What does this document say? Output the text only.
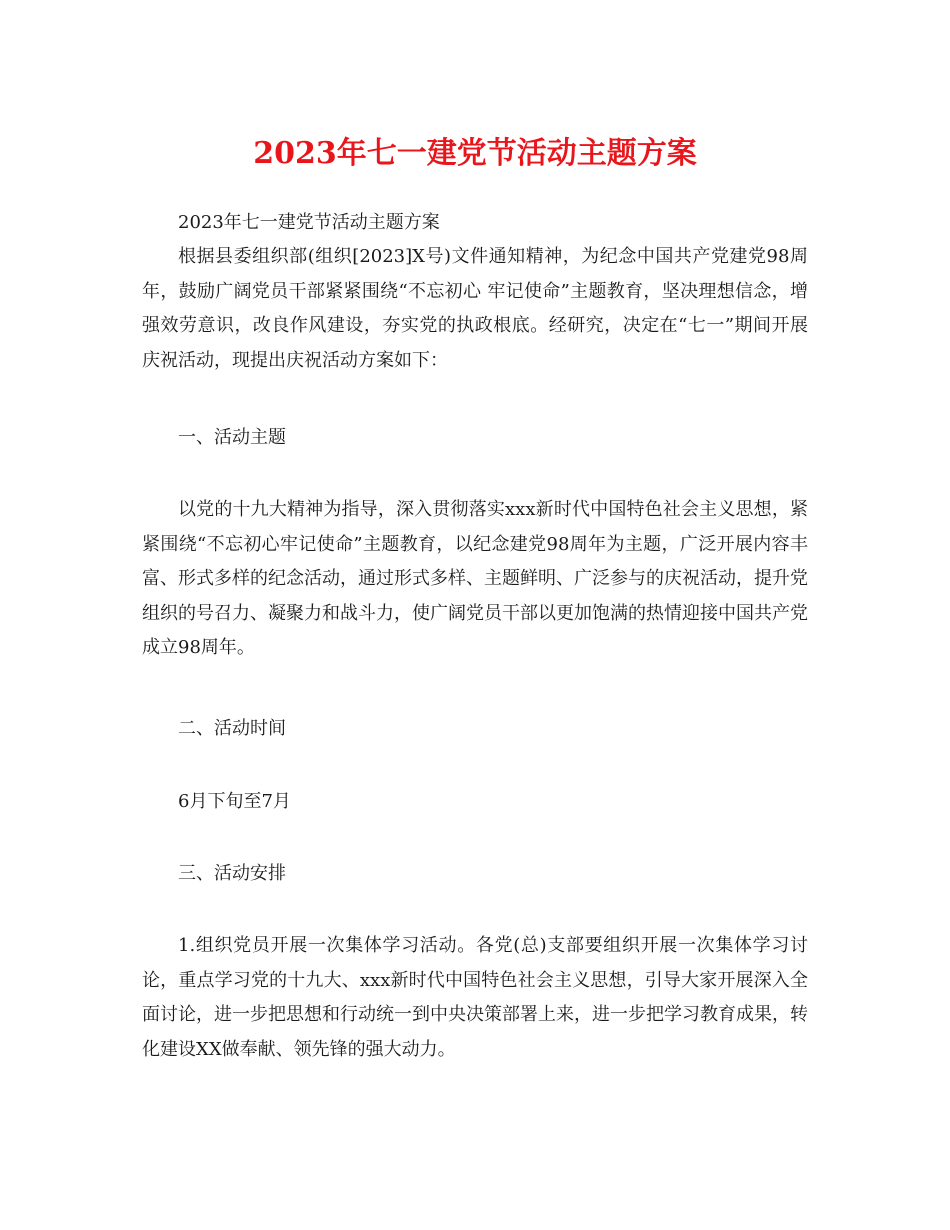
2023年七一建党节活动主题方案

2023年七一建党节活动主题方案

根据县委组织部(组织[2023]X号)文件通知精神，为纪念中国共产党建党98周年，鼓励广阔党员干部紧紧围绕“不忘初心 牢记使命”主题教育，坚决理想信念，增强效劳意识，改良作风建设，夯实党的执政根底。经研究，决定在“七一”期间开展庆祝活动，现提出庆祝活动方案如下：

一、活动主题

以党的十九大精神为指导，深入贯彻落实xxx新时代中国特色社会主义思想，紧紧围绕“不忘初心牢记使命”主题教育，以纪念建党98周年为主题，广泛开展内容丰富、形式多样的纪念活动，通过形式多样、主题鲜明、广泛参与的庆祝活动，提升党组织的号召力、凝聚力和战斗力，使广阔党员干部以更加饱满的热情迎接中国共产党成立98周年。

二、活动时间

6月下旬至7月

三、活动安排

1.组织党员开展一次集体学习活动。各党(总)支部要组织开展一次集体学习讨论，重点学习党的十九大、xxx新时代中国特色社会主义思想，引导大家开展深入全面讨论，进一步把思想和行动统一到中央决策部署上来，进一步把学习教育成果，转化建设XX做奉献、领先锋的强大动力。
